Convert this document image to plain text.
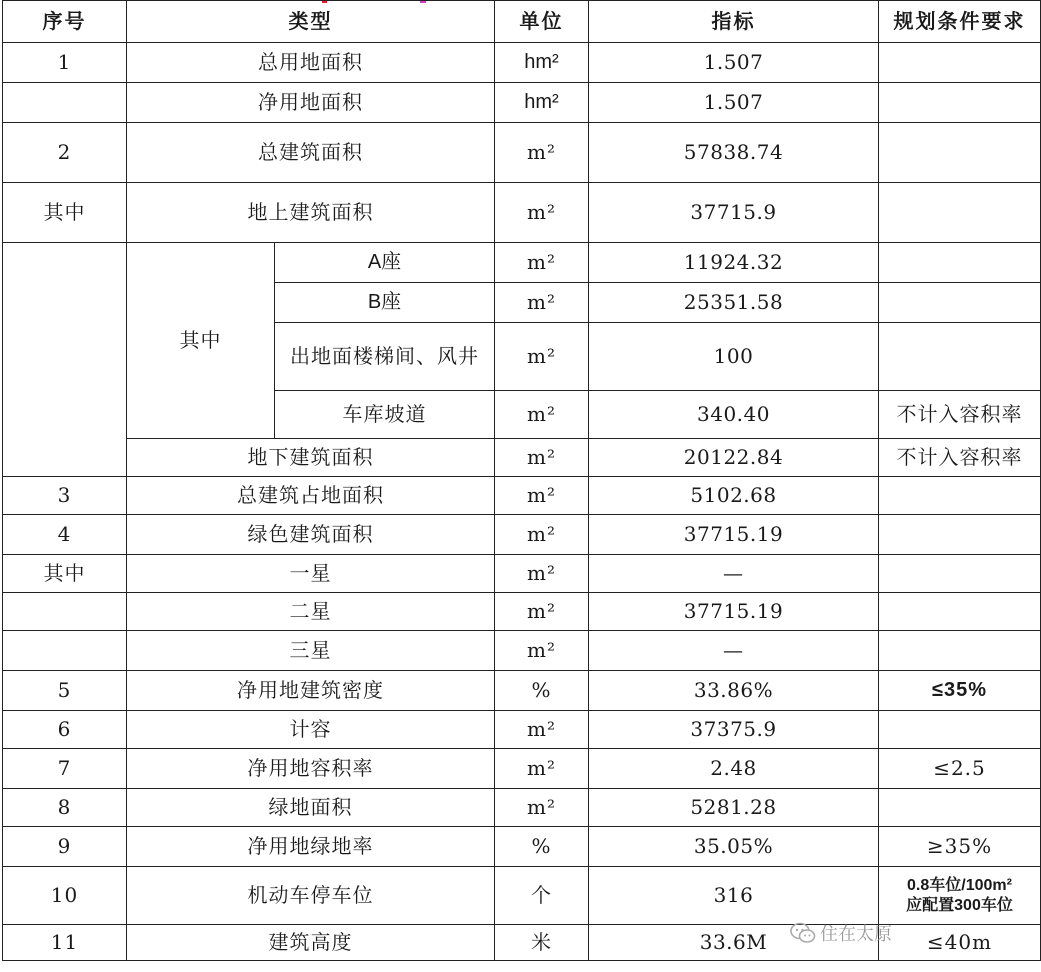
序号	类型		单位	指标	规划条件要求
1	总用地面积		hm²	1.507	
	净用地面积		hm²	1.507	
2	总建筑面积		m²	57838.74	
其中	地上建筑面积		m²	37715.9	
	其中	A座	m²	11924.32	
		B座	m²	25351.58	
		出地面楼梯间、风井	m²	100	
		车库坡道	m²	340.40	不计入容积率
	地下建筑面积		m²	20122.84	不计入容积率
3	总建筑占地面积		m²	5102.68	
4	绿色建筑面积		m²	37715.19	
其中	一星		m²	—	
	二星		m²	37715.19	
	三星		m²	—	
5	净用地建筑密度		%	33.86%	≤35%
6	计容		m²	37375.9	
7	净用地容积率		m²	2.48	≤2.5
8	绿地面积		m²	5281.28	
9	净用地绿地率		%	35.05%	≥35%
10	机动车停车位		个	316	0.8车位/100m²
应配置300车位

11	建筑高度		米	33.6M	≤40m
住在太原
